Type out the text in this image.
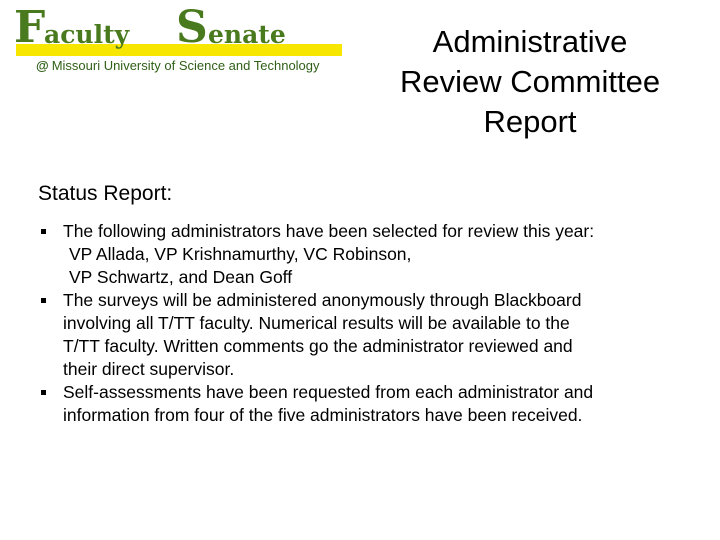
F
aculty S enate
@ Missouri University of Science and Technology
Administrative
Review Committee
Report
Status Report:
The following administrators have been selected for review this year:
VP Allada, VP Krishnamurthy, VC Robinson,
VP Schwartz, and Dean Goff
The surveys will be administered anonymously through Blackboard
involving all T/TT faculty. Numerical results will be available to the
T/TT faculty. Written comments go the administrator reviewed and
their direct supervisor.
Self-assessments have been requested from each administrator and
information from four of the five administrators have been received.
